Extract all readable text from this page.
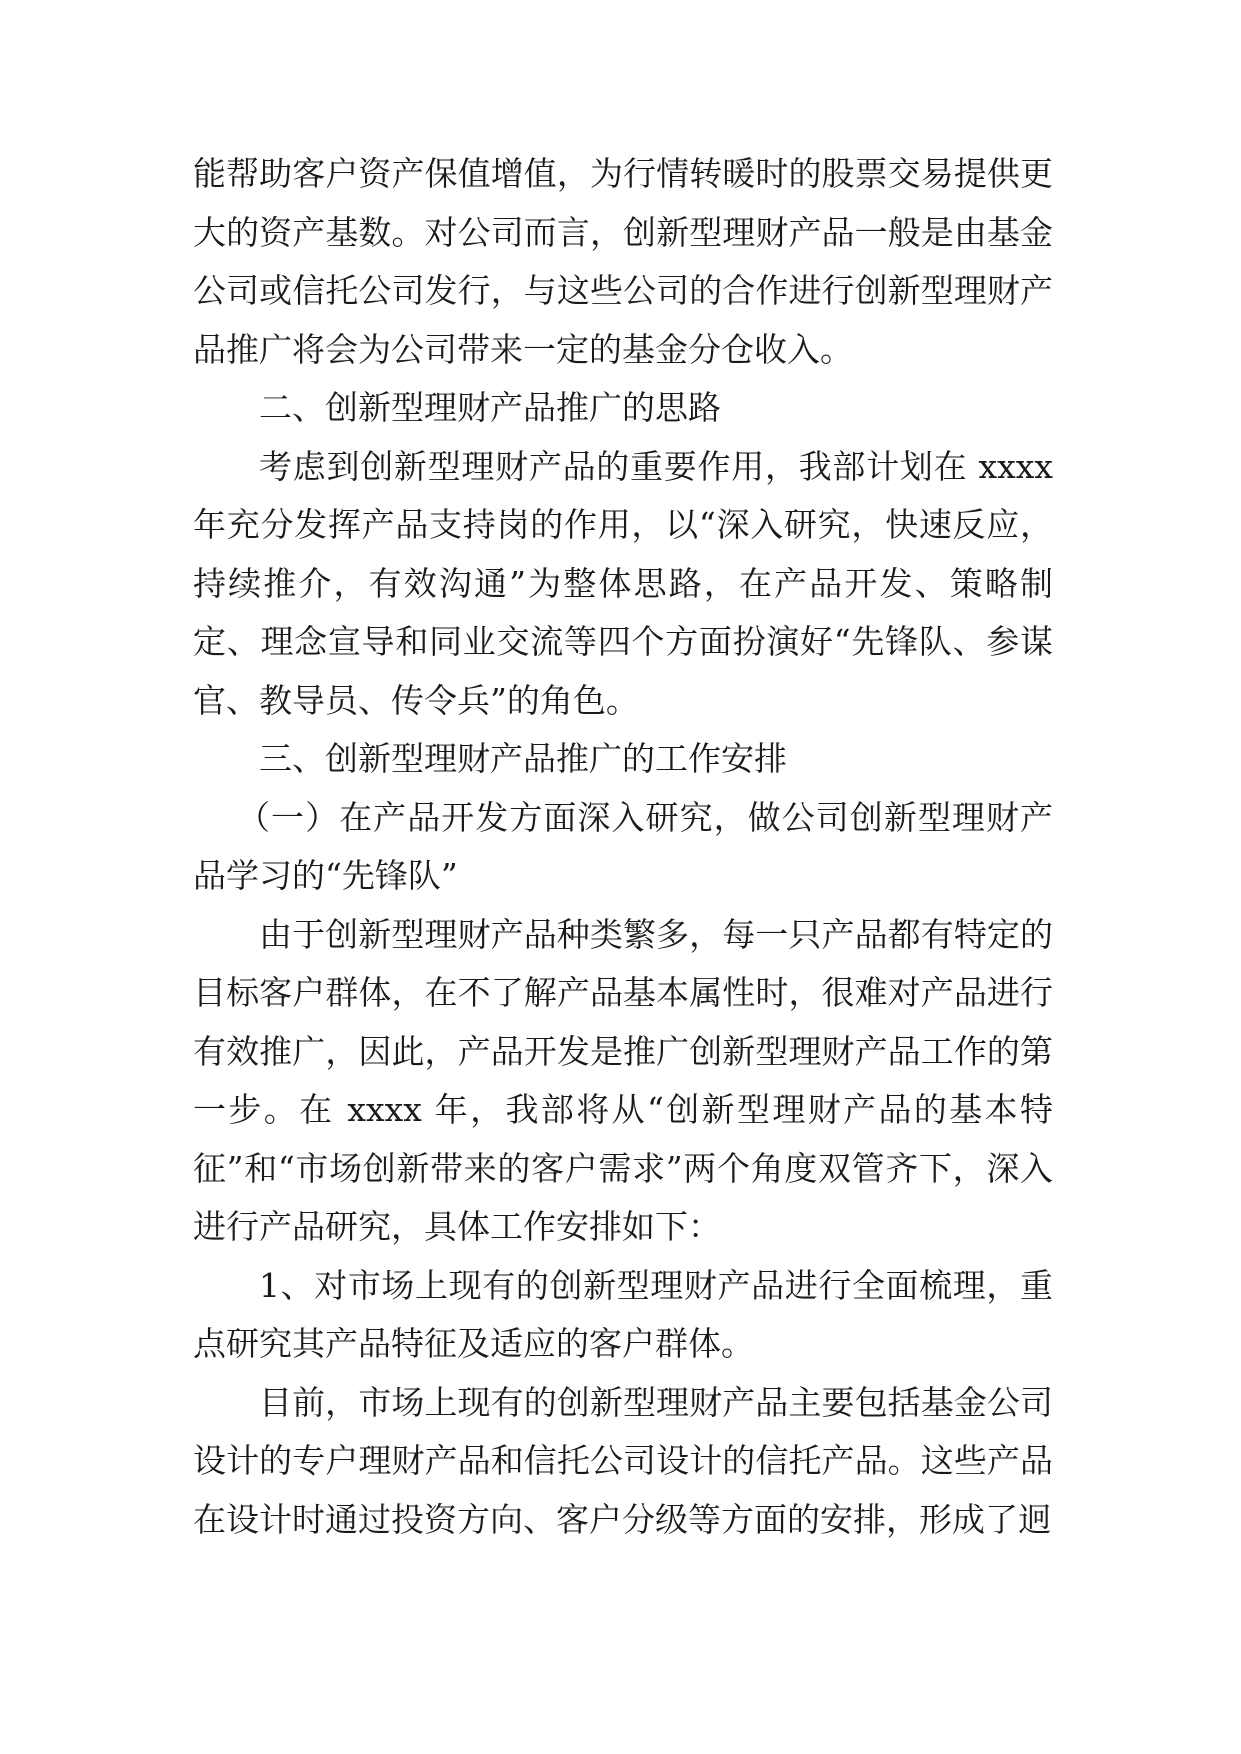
能帮助客户资产保值增值，为行情转暖时的股票交易提供更大的资产基数。对公司而言，创新型理财产品一般是由基金公司或信托公司发行，与这些公司的合作进行创新型理财产品推广将会为公司带来一定的基金分仓收入。

二、创新型理财产品推广的思路

考虑到创新型理财产品的重要作用，我部计划在 xxxx 年充分发挥产品支持岗的作用，以“深入研究，快速反应，持续推介，有效沟通”为整体思路，在产品开发、策略制定、理念宣导和同业交流等四个方面扮演好“先锋队、参谋官、教导员、传令兵”的角色。

三、创新型理财产品推广的工作安排

（一）在产品开发方面深入研究，做公司创新型理财产品学习的“先锋队”

由于创新型理财产品种类繁多，每一只产品都有特定的目标客户群体，在不了解产品基本属性时，很难对产品进行有效推广，因此，产品开发是推广创新型理财产品工作的第一步。在 xxxx 年，我部将从“创新型理财产品的基本特征”和“市场创新带来的客户需求”两个角度双管齐下，深入进行产品研究，具体工作安排如下：

1、对市场上现有的创新型理财产品进行全面梳理，重点研究其产品特征及适应的客户群体。

目前，市场上现有的创新型理财产品主要包括基金公司设计的专户理财产品和信托公司设计的信托产品。这些产品在设计时通过投资方向、客户分级等方面的安排，形成了迥
